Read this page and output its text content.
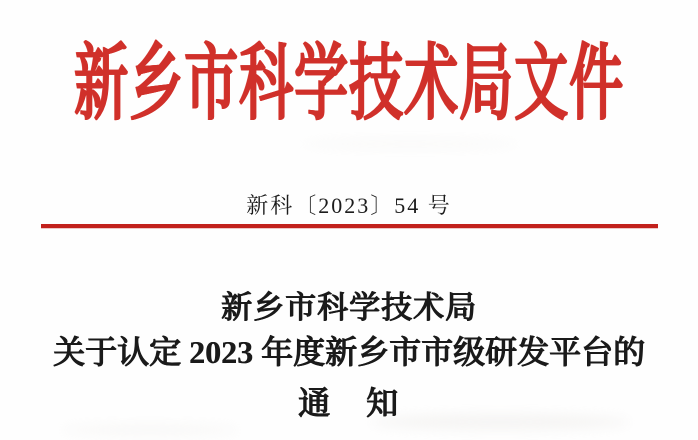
新乡市科学技术局文件
新科〔2023〕54 号
新乡市科学技术局
关于认定 2023 年度新乡市市级研发平台的
通　知
